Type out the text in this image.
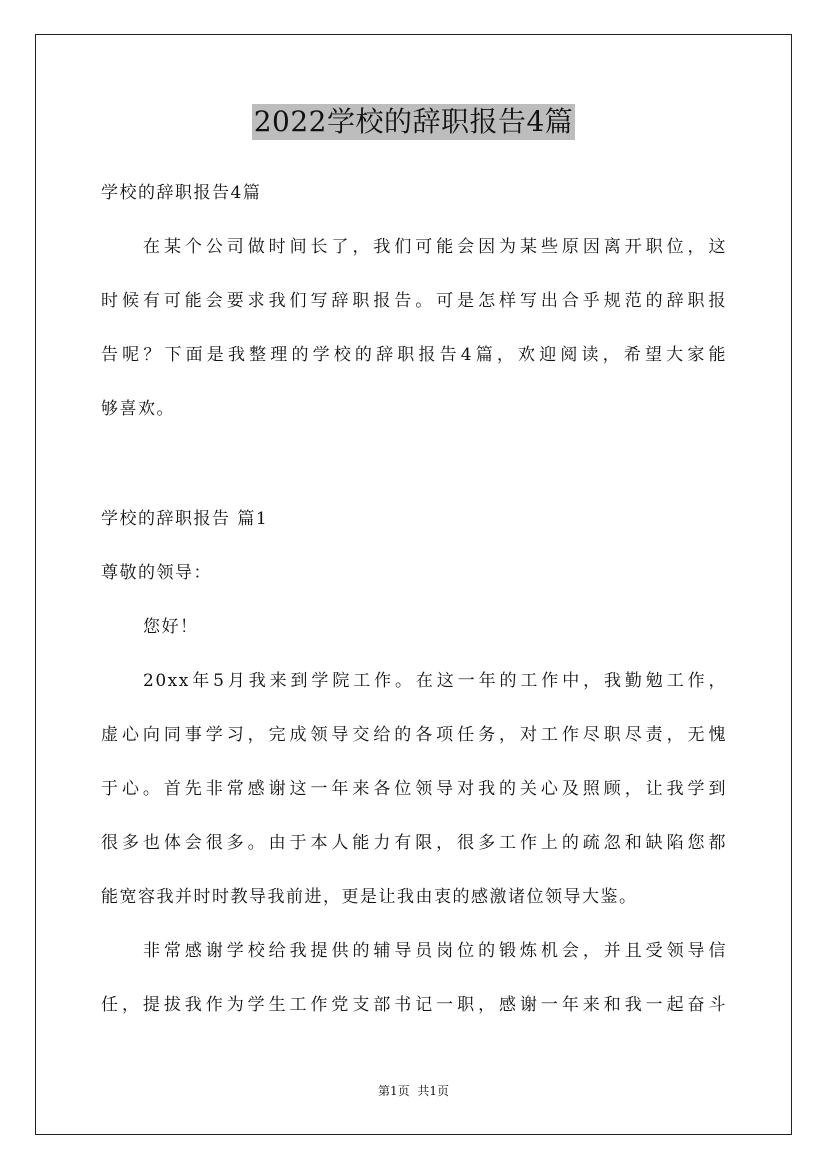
2022学校的辞职报告4篇
学校的辞职报告4篇
在某个公司做时间长了，我们可能会因为某些原因离开职位，这
时候有可能会要求我们写辞职报告。可是怎样写出合乎规范的辞职报
告呢？下面是我整理的学校的辞职报告4篇，欢迎阅读，希望大家能
够喜欢。
学校的辞职报告 篇1
尊敬的领导：
您好！
20xx年5月我来到学院工作。在这一年的工作中，我勤勉工作，
虚心向同事学习，完成领导交给的各项任务，对工作尽职尽责，无愧
于心。首先非常感谢这一年来各位领导对我的关心及照顾，让我学到
很多也体会很多。由于本人能力有限，很多工作上的疏忽和缺陷您都
能宽容我并时时教导我前进，更是让我由衷的感激诸位领导大鉴。
非常感谢学校给我提供的辅导员岗位的锻炼机会，并且受领导信
任，提拔我作为学生工作党支部书记一职，感谢一年来和我一起奋斗
第1页 共1页
